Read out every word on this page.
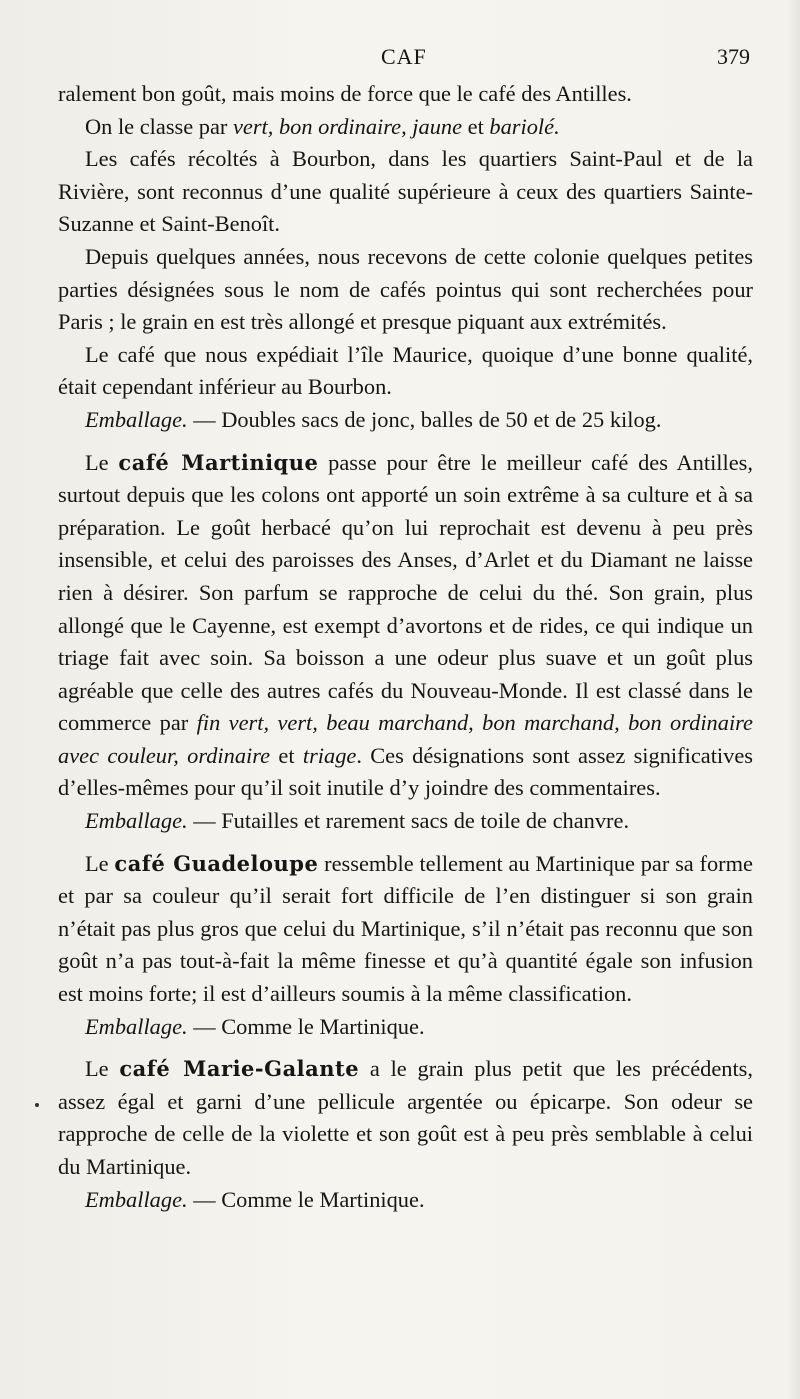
CAF	379

ralement bon goût, mais moins de force que le café des Antilles.

On le classe par vert, bon ordinaire, jaune et bariolé.

Les cafés récoltés à Bourbon, dans les quartiers Saint-Paul et de la Rivière, sont reconnus d’une qualité supérieure à ceux des quartiers Sainte-Suzanne et Saint-Benoît.

Depuis quelques années, nous recevons de cette colonie quelques petites parties désignées sous le nom de cafés pointus qui sont recherchées pour Paris ; le grain en est très allongé et presque piquant aux extrémités.

Le café que nous expédiait l’île Maurice, quoique d’une bonne qualité, était cependant inférieur au Bourbon.

Emballage. — Doubles sacs de jonc, balles de 50 et de 25 kilog.

Le café Martinique passe pour être le meilleur café des Antilles, surtout depuis que les colons ont apporté un soin extrême à sa culture et à sa préparation. Le goût herbacé qu’on lui reprochait est devenu à peu près insensible, et celui des paroisses des Anses, d’Arlet et du Diamant ne laisse rien à désirer. Son parfum se rapproche de celui du thé. Son grain, plus allongé que le Cayenne, est exempt d’avortons et de rides, ce qui indique un triage fait avec soin. Sa boisson a une odeur plus suave et un goût plus agréable que celle des autres cafés du Nouveau-Monde. Il est classé dans le commerce par fin vert, vert, beau marchand, bon marchand, bon ordinaire avec couleur, ordinaire et triage. Ces désignations sont assez significatives d’elles-mêmes pour qu’il soit inutile d’y joindre des commentaires.

Emballage. — Futailles et rarement sacs de toile de chanvre.

Le café Guadeloupe ressemble tellement au Martinique par sa forme et par sa couleur qu’il serait fort difficile de l’en distinguer si son grain n’était pas plus gros que celui du Martinique, s’il n’était pas reconnu que son goût n’a pas tout-à-fait la même finesse et qu’à quantité égale son infusion est moins forte; il est d’ailleurs soumis à la même classification.

Emballage. — Comme le Martinique.

Le café Marie-Galante a le grain plus petit que les précédents, assez égal et garni d’une pellicule argentée ou épicarpe. Son odeur se rapproche de celle de la violette et son goût est à peu près semblable à celui du Martinique.

Emballage. — Comme le Martinique.
